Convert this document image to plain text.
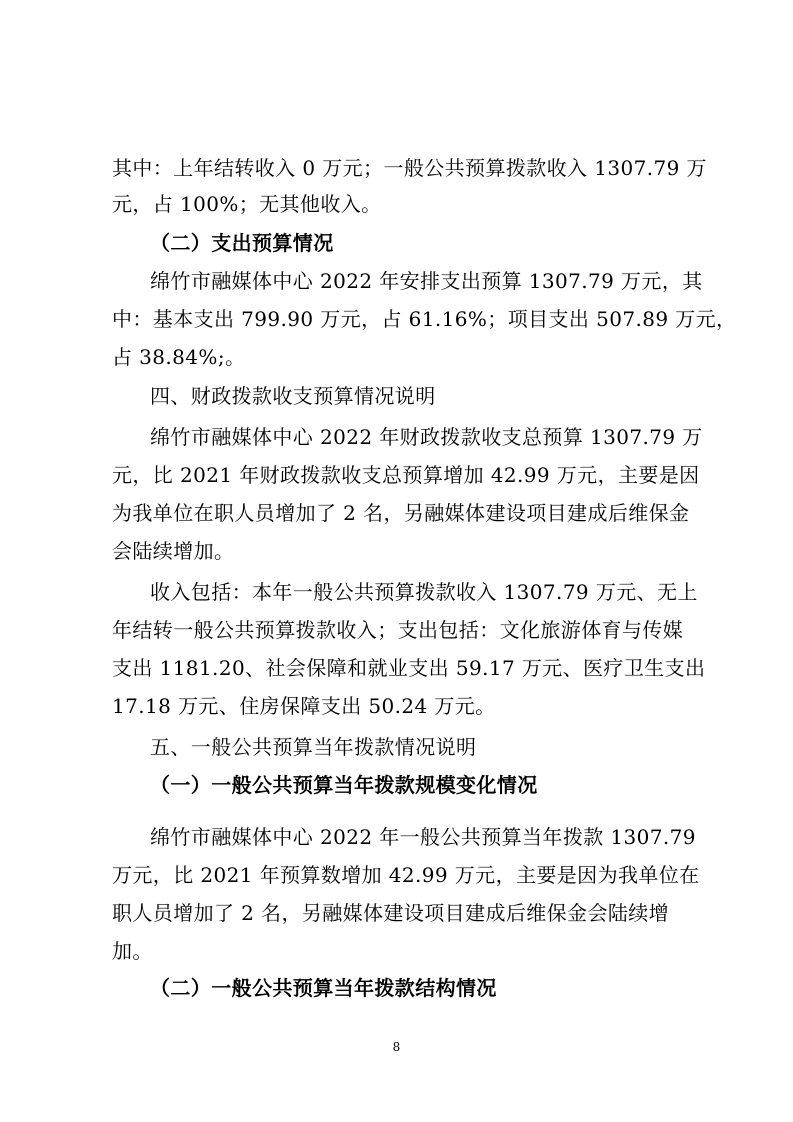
其中：上年结转收入 0 万元；一般公共预算拨款收入 1307.79 万
元，占 100%；无其他收入。
（二）支出预算情况
绵竹市融媒体中心 2022 年安排支出预算 1307.79 万元，其
中：基本支出 799.90 万元，占 61.16%；项目支出 507.89 万元，
占 38.84%;。
四、财政拨款收支预算情况说明
绵竹市融媒体中心 2022 年财政拨款收支总预算 1307.79 万
元，比 2021 年财政拨款收支总预算增加 42.99 万元，主要是因
为我单位在职人员增加了 2 名，另融媒体建设项目建成后维保金
会陆续增加。
收入包括：本年一般公共预算拨款收入 1307.79 万元、无上
年结转一般公共预算拨款收入；支出包括：文化旅游体育与传媒
支出 1181.20、社会保障和就业支出 59.17 万元、医疗卫生支出
17.18 万元、住房保障支出 50.24 万元。
五、一般公共预算当年拨款情况说明
（一）一般公共预算当年拨款规模变化情况
绵竹市融媒体中心 2022 年一般公共预算当年拨款 1307.79
万元，比 2021 年预算数增加 42.99 万元，主要是因为我单位在
职人员增加了 2 名，另融媒体建设项目建成后维保金会陆续增
加。
（二）一般公共预算当年拨款结构情况
8
